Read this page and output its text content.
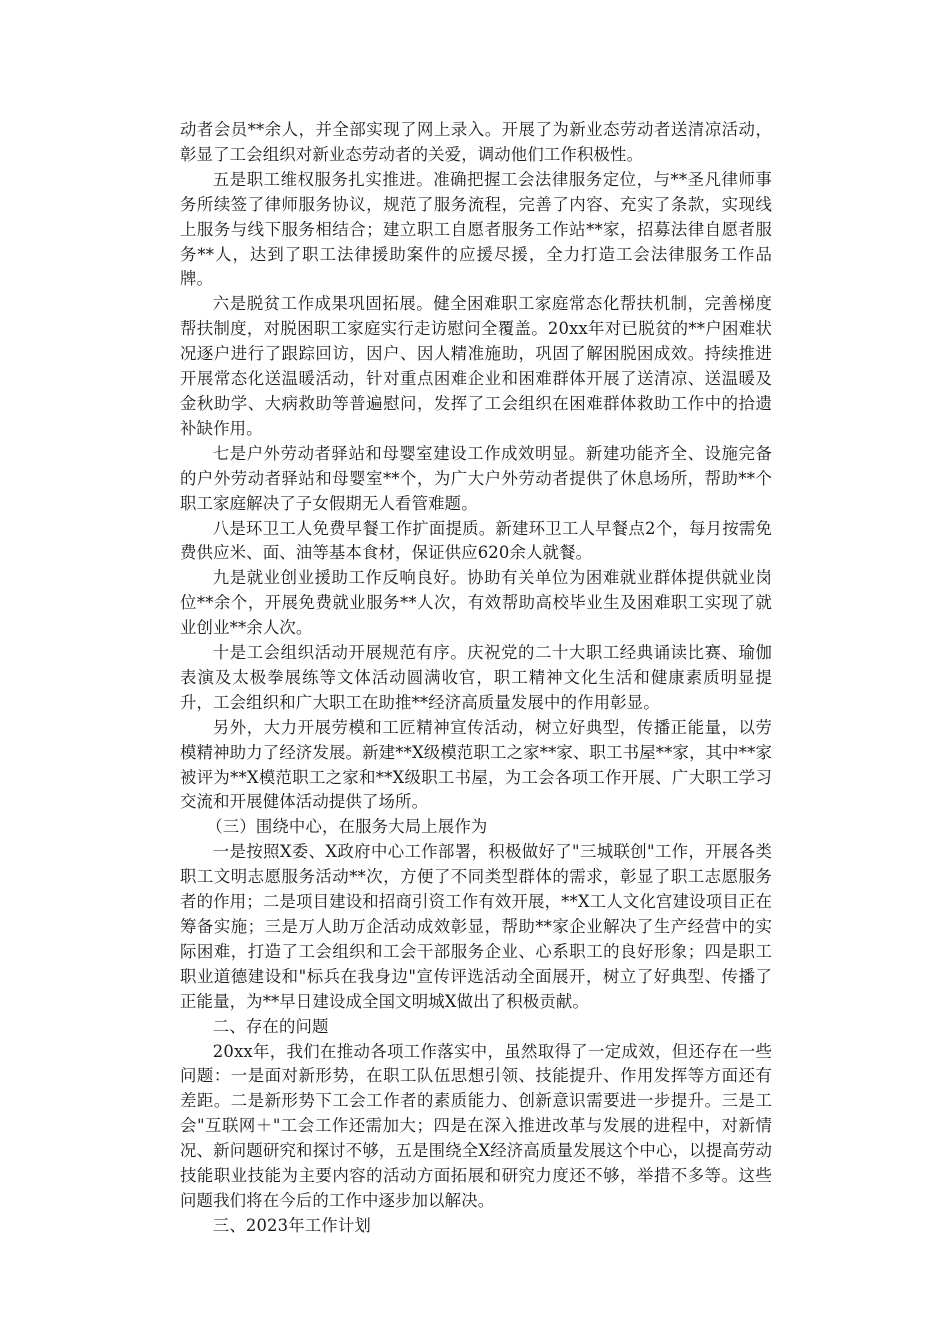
动者会员**余人，并全部实现了网上录入。开展了为新业态劳动者送清凉活动，彰显了工会组织对新业态劳动者的关爱，调动他们工作积极性。

五是职工维权服务扎实推进。准确把握工会法律服务定位，与**圣凡律师事务所续签了律师服务协议，规范了服务流程，完善了内容、充实了条款，实现线上服务与线下服务相结合；建立职工自愿者服务工作站**家，招募法律自愿者服务**人，达到了职工法律援助案件的应援尽援，全力打造工会法律服务工作品牌。

六是脱贫工作成果巩固拓展。健全困难职工家庭常态化帮扶机制，完善梯度帮扶制度，对脱困职工家庭实行走访慰问全覆盖。20xx年对已脱贫的**户困难状况逐户进行了跟踪回访，因户、因人精准施助，巩固了解困脱困成效。持续推进开展常态化送温暖活动，针对重点困难企业和困难群体开展了送清凉、送温暖及金秋助学、大病救助等普遍慰问，发挥了工会组织在困难群体救助工作中的拾遗补缺作用。

七是户外劳动者驿站和母婴室建设工作成效明显。新建功能齐全、设施完备的户外劳动者驿站和母婴室**个，为广大户外劳动者提供了休息场所，帮助**个职工家庭解决了子女假期无人看管难题。

八是环卫工人免费早餐工作扩面提质。新建环卫工人早餐点2个，每月按需免费供应米、面、油等基本食材，保证供应620余人就餐。

九是就业创业援助工作反响良好。协助有关单位为困难就业群体提供就业岗位**余个，开展免费就业服务**人次，有效帮助高校毕业生及困难职工实现了就业创业**余人次。

十是工会组织活动开展规范有序。庆祝党的二十大职工经典诵读比赛、瑜伽表演及太极拳展练等文体活动圆满收官，职工精神文化生活和健康素质明显提升，工会组织和广大职工在助推**经济高质量发展中的作用彰显。

另外，大力开展劳模和工匠精神宣传活动，树立好典型，传播正能量，以劳模精神助力了经济发展。新建**X级模范职工之家**家、职工书屋**家，其中**家被评为**X模范职工之家和**X级职工书屋，为工会各项工作开展、广大职工学习交流和开展健体活动提供了场所。

（三）围绕中心，在服务大局上展作为

一是按照X委、X政府中心工作部署，积极做好了"三城联创"工作，开展各类职工文明志愿服务活动**次，方便了不同类型群体的需求，彰显了职工志愿服务者的作用；二是项目建设和招商引资工作有效开展，**X工人文化宫建设项目正在筹备实施；三是万人助万企活动成效彰显，帮助**家企业解决了生产经营中的实际困难，打造了工会组织和工会干部服务企业、心系职工的良好形象；四是职工职业道德建设和"标兵在我身边"宣传评选活动全面展开，树立了好典型、传播了正能量，为**早日建设成全国文明城X做出了积极贡献。

二、存在的问题

20xx年，我们在推动各项工作落实中，虽然取得了一定成效，但还存在一些问题：一是面对新形势，在职工队伍思想引领、技能提升、作用发挥等方面还有差距。二是新形势下工会工作者的素质能力、创新意识需要进一步提升。三是工会"互联网＋"工会工作还需加大；四是在深入推进改革与发展的进程中，对新情况、新问题研究和探讨不够，五是围绕全X经济高质量发展这个中心，以提高劳动技能职业技能为主要内容的活动方面拓展和研究力度还不够，举措不多等。这些问题我们将在今后的工作中逐步加以解决。

三、2023年工作计划
